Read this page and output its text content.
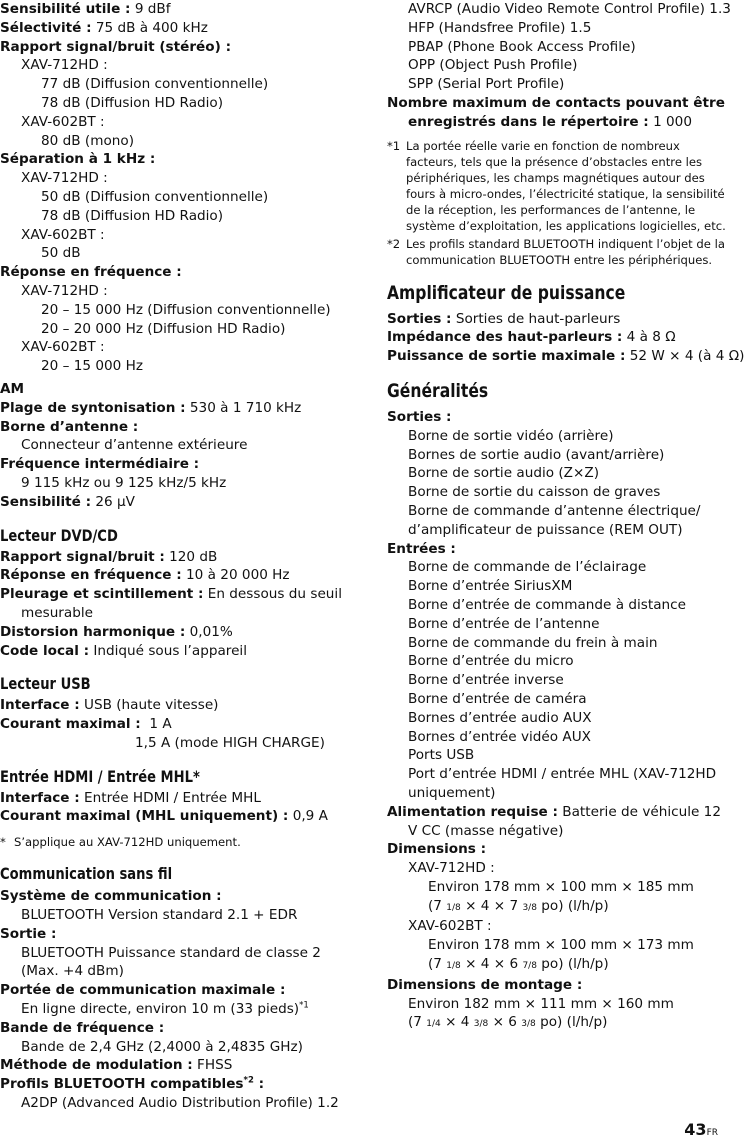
Sensibilité utile : 9 dBf
Sélectivité : 75 dB à 400 kHz
Rapport signal/bruit (stéréo) :
XAV-712HD :
77 dB (Diffusion conventionnelle)
78 dB (Diffusion HD Radio)
XAV-602BT :
80 dB (mono)
Séparation à 1 kHz :
XAV-712HD :
50 dB (Diffusion conventionnelle)
78 dB (Diffusion HD Radio)
XAV-602BT :
50 dB
Réponse en fréquence :
XAV-712HD :
20 – 15 000 Hz (Diffusion conventionnelle)
20 – 20 000 Hz (Diffusion HD Radio)
XAV-602BT :
20 – 15 000 Hz
AM
Plage de syntonisation : 530 à 1 710 kHz
Borne d’antenne :
Connecteur d’antenne extérieure
Fréquence intermédiaire :
9 115 kHz ou 9 125 kHz/5 kHz
Sensibilité : 26 µV
Lecteur DVD/CD
Rapport signal/bruit : 120 dB
Réponse en fréquence : 10 à 20 000 Hz
Pleurage et scintillement : En dessous du seuil mesurable
Distorsion harmonique : 0,01%
Code local : Indiqué sous l’appareil
Lecteur USB
Interface : USB (haute vitesse)
Courant maximal : 1 A
1,5 A (mode HIGH CHARGE)
Entrée HDMI / Entrée MHL*
Interface : Entrée HDMI / Entrée MHL
Courant maximal (MHL uniquement) : 0,9 A
* S’applique au XAV-712HD uniquement.
Communication sans fil
Système de communication :
BLUETOOTH Version standard 2.1 + EDR
Sortie :
BLUETOOTH Puissance standard de classe 2 (Max. +4 dBm)
Portée de communication maximale :
En ligne directe, environ 10 m (33 pieds)$^{*1}$
Bande de fréquence :
Bande de 2,4 GHz (2,4000 à 2,4835 GHz)
Méthode de modulation : FHSS
Profils BLUETOOTH compatibles$^{*2}$ :
A2DP (Advanced Audio Distribution Profile) 1.2
AVRCP (Audio Video Remote Control Profile) 1.3
HFP (Handsfree Profile) 1.5
PBAP (Phone Book Access Profile)
OPP (Object Push Profile)
SPP (Serial Port Profile)
Nombre maximum de contacts pouvant être enregistrés dans le répertoire : 1 000
*1 La portée réelle varie en fonction de nombreux facteurs, tels que la présence d’obstacles entre les périphériques, les champs magnétiques autour des fours à micro-ondes, l’électricité statique, la sensibilité de la réception, les performances de l’antenne, le système d’exploitation, les applications logicielles, etc.
*2 Les profils standard BLUETOOTH indiquent l’objet de la communication BLUETOOTH entre les périphériques.
Amplificateur de puissance
Sorties : Sorties de haut-parleurs
Impédance des haut-parleurs : 4 à 8 Ω
Puissance de sortie maximale : 52 W × 4 (à 4 Ω)
Généralités
Sorties :
Borne de sortie vidéo (arrière)
Bornes de sortie audio (avant/arrière)
Borne de sortie audio (Z×Z)
Borne de sortie du caisson de graves
Borne de commande d’antenne électrique/ d’amplificateur de puissance (REM OUT)
Entrées :
Borne de commande de l’éclairage
Borne d’entrée SiriusXM
Borne d’entrée de commande à distance
Borne d’entrée de l’antenne
Borne de commande du frein à main
Borne d’entrée du micro
Borne d’entrée inverse
Borne d’entrée de caméra
Bornes d’entrée audio AUX
Bornes d’entrée vidéo AUX
Ports USB
Port d’entrée HDMI / entrée MHL (XAV-712HD uniquement)
Alimentation requise : Batterie de véhicule 12 V CC (masse négative)
Dimensions :
XAV-712HD :
Environ 178 mm × 100 mm × 185 mm
(7 1/8 × 4 × 7 3/8 po) (l/h/p)
XAV-602BT :
Environ 178 mm × 100 mm × 173 mm
(7 1/8 × 4 × 6 7/8 po) (l/h/p)
Dimensions de montage :
Environ 182 mm × 111 mm × 160 mm
(7 1/4 × 4 3/8 × 6 3/8 po) (l/h/p)
43FR
